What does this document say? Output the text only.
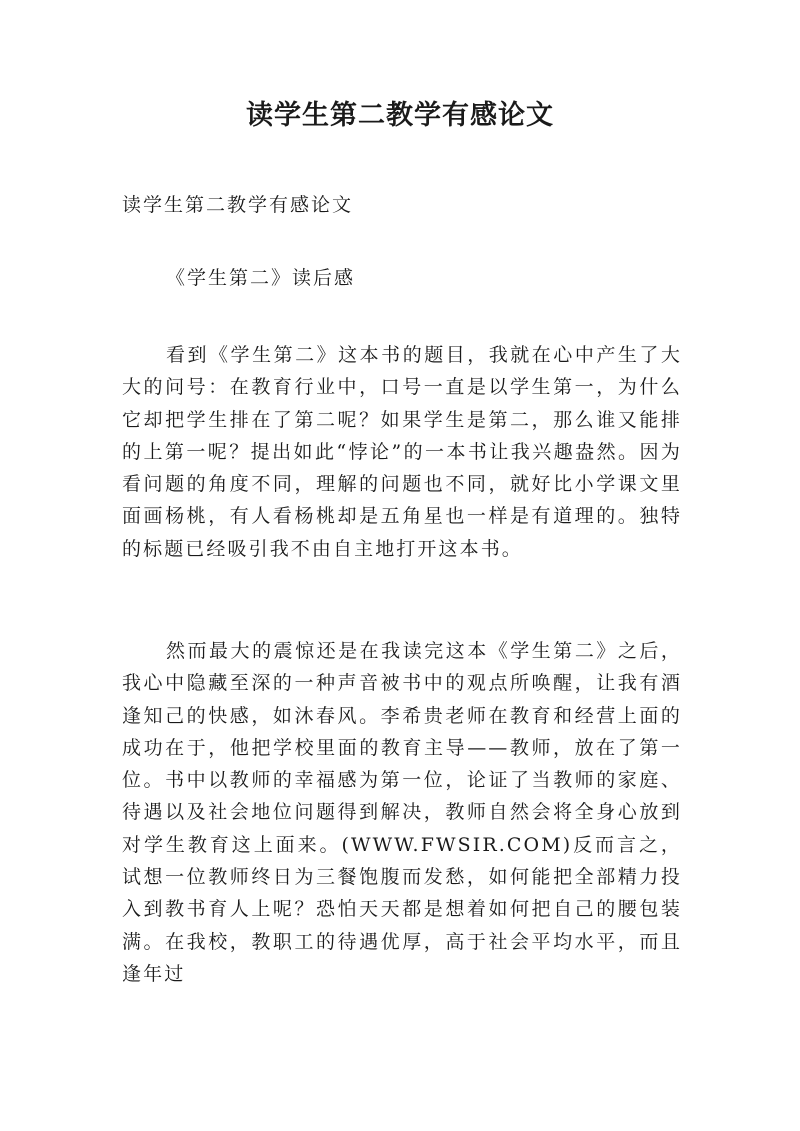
读学生第二教学有感论文
读学生第二教学有感论文
《学生第二》读后感

看到《学生第二》这本书的题目，我就在心中产生了大大的问号：在教育行业中，口号一直是以学生第一，为什么它却把学生排在了第二呢？如果学生是第二，那么谁又能排的上第一呢？提出如此“悖论”的一本书让我兴趣盎然。因为看问题的角度不同，理解的问题也不同，就好比小学课文里面画杨桃，有人看杨桃却是五角星也一样是有道理的。独特的标题已经吸引我不由自主地打开这本书。

然而最大的震惊还是在我读完这本《学生第二》之后，我心中隐藏至深的一种声音被书中的观点所唤醒，让我有酒逢知己的快感，如沐春风。李希贵老师在教育和经营上面的成功在于，他把学校里面的教育主导——教师，放在了第一位。书中以教师的幸福感为第一位，论证了当教师的家庭、待遇以及社会地位问题得到解决，教师自然会将全身心放到对学生教育这上面来。(WWW.FWSIR.COM)反而言之，试想一位教师终日为三餐饱腹而发愁，如何能把全部精力投入到教书育人上呢？恐怕天天都是想着如何把自己的腰包装满。在我校，教职工的待遇优厚，高于社会平均水平，而且逢年过
